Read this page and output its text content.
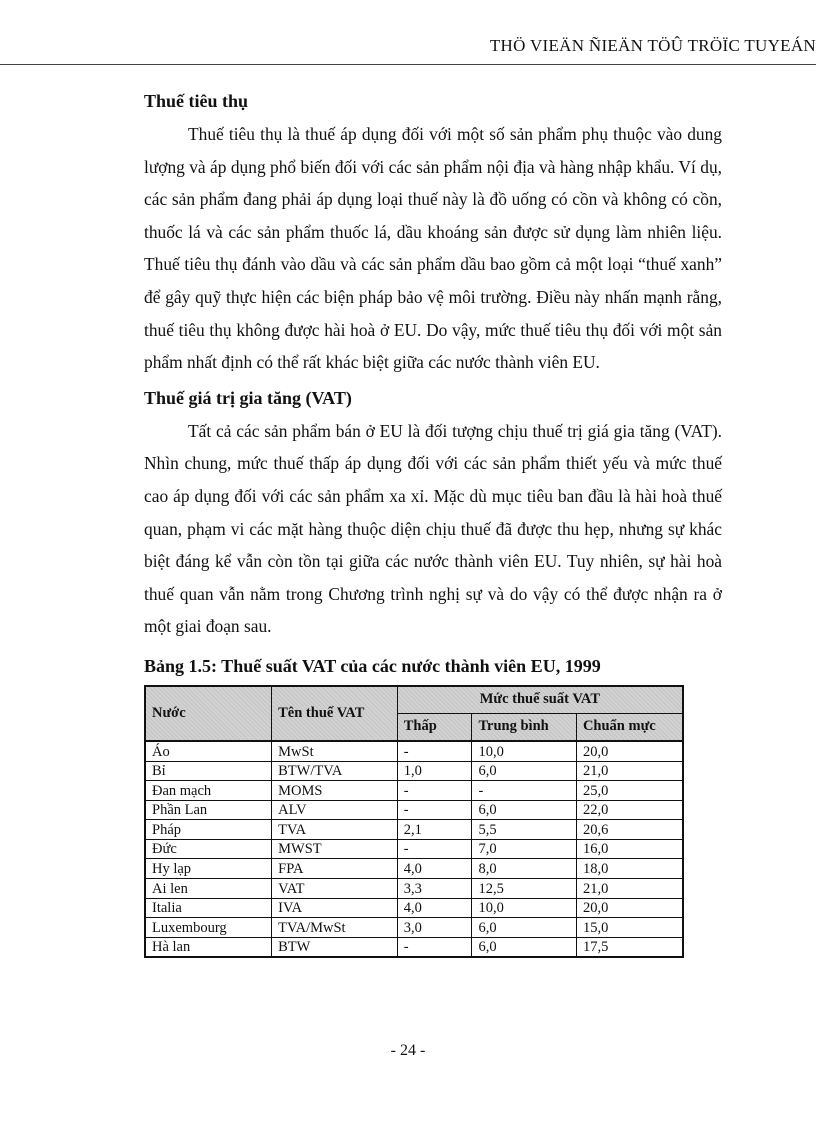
THÖ VIEÄN ÑIEÄN TÖÛ TRÖÏC TUYEÁN
Thuế tiêu thụ

Thuế tiêu thụ là thuế áp dụng đối với một số sản phẩm phụ thuộc vào dung lượng và áp dụng phổ biến đối với các sản phẩm nội địa và hàng nhập khẩu. Ví dụ, các sản phẩm đang phải áp dụng loại thuế này là đồ uống có cồn và không có cồn, thuốc lá và các sản phẩm thuốc lá, dầu khoáng sản được sử dụng làm nhiên liệu. Thuế tiêu thụ đánh vào dầu và các sản phẩm dầu bao gồm cả một loại “thuế xanh” để gây quỹ thực hiện các biện pháp bảo vệ môi trường. Điều này nhấn mạnh rằng, thuế tiêu thụ không được hài hoà ở EU. Do vậy, mức thuế tiêu thụ đối với một sản phẩm nhất định có thể rất khác biệt giữa các nước thành viên EU.

Thuế giá trị gia tăng (VAT)

Tất cả các sản phẩm bán ở EU là đối tượng chịu thuế trị giá gia tăng (VAT). Nhìn chung, mức thuế thấp áp dụng đối với các sản phẩm thiết yếu và mức thuế cao áp dụng đối với các sản phẩm xa xỉ. Mặc dù mục tiêu ban đầu là hài hoà thuế quan, phạm vi các mặt hàng thuộc diện chịu thuế đã được thu hẹp, nhưng sự khác biệt đáng kể vẫn còn tồn tại giữa các nước thành viên EU. Tuy nhiên, sự hài hoà thuế quan vẫn nằm trong Chương trình nghị sự và do vậy có thể được nhận ra ở một giai đoạn sau.

Bảng 1.5: Thuế suất VAT của các nước thành viên EU, 1999
Nước	Tên thuế VAT	Mức thuế suất VAT		
		Thấp	Trung bình	Chuẩn mực
Áo	MwSt	-	10,0	20,0
Bỉ	BTW/TVA	1,0	6,0	21,0
Đan mạch	MOMS	-	-	25,0
Phần Lan	ALV	-	6,0	22,0
Pháp	TVA	2,1	5,5	20,6
Đức	MWST	-	7,0	16,0
Hy lạp	FPA	4,0	8,0	18,0
Ai len	VAT	3,3	12,5	21,0
Italia	IVA	4,0	10,0	20,0
Luxembourg	TVA/MwSt	3,0	6,0	15,0
Hà lan	BTW	-	6,0	17,5
- 24 -
